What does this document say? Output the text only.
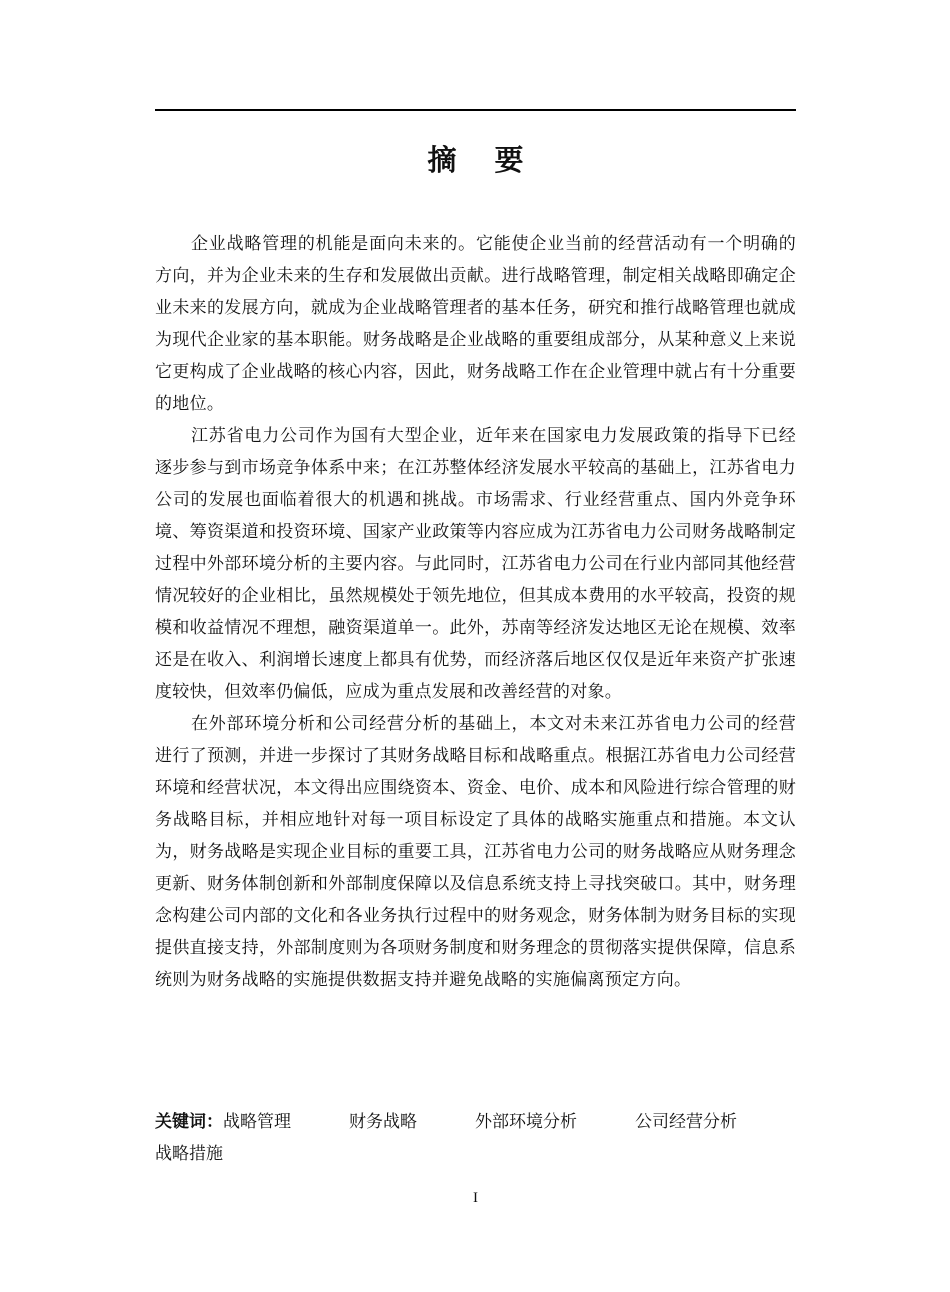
摘要

企业战略管理的机能是面向未来的。它能使企业当前的经营活动有一个明确的方向，并为企业未来的生存和发展做出贡献。进行战略管理，制定相关战略即确定企业未来的发展方向，就成为企业战略管理者的基本任务，研究和推行战略管理也就成为现代企业家的基本职能。财务战略是企业战略的重要组成部分，从某种意义上来说它更构成了企业战略的核心内容，因此，财务战略工作在企业管理中就占有十分重要的地位。

江苏省电力公司作为国有大型企业，近年来在国家电力发展政策的指导下已经逐步参与到市场竞争体系中来；在江苏整体经济发展水平较高的基础上，江苏省电力公司的发展也面临着很大的机遇和挑战。市场需求、行业经营重点、国内外竞争环境、筹资渠道和投资环境、国家产业政策等内容应成为江苏省电力公司财务战略制定过程中外部环境分析的主要内容。与此同时，江苏省电力公司在行业内部同其他经营情况较好的企业相比，虽然规模处于领先地位，但其成本费用的水平较高，投资的规模和收益情况不理想，融资渠道单一。此外，苏南等经济发达地区无论在规模、效率还是在收入、利润增长速度上都具有优势，而经济落后地区仅仅是近年来资产扩张速度较快，但效率仍偏低，应成为重点发展和改善经营的对象。

在外部环境分析和公司经营分析的基础上，本文对未来江苏省电力公司的经营进行了预测，并进一步探讨了其财务战略目标和战略重点。根据江苏省电力公司经营环境和经营状况，本文得出应围绕资本、资金、电价、成本和风险进行综合管理的财务战略目标，并相应地针对每一项目标设定了具体的战略实施重点和措施。本文认为，财务战略是实现企业目标的重要工具，江苏省电力公司的财务战略应从财务理念更新、财务体制创新和外部制度保障以及信息系统支持上寻找突破口。其中，财务理念构建公司内部的文化和各业务执行过程中的财务观念，财务体制为财务目标的实现提供直接支持，外部制度则为各项财务制度和财务理念的贯彻落实提供保障，信息系统则为财务战略的实施提供数据支持并避免战略的实施偏离预定方向。

关键词：战略管理	财务战略	外部环境分析	公司经营分析
战略措施
I
